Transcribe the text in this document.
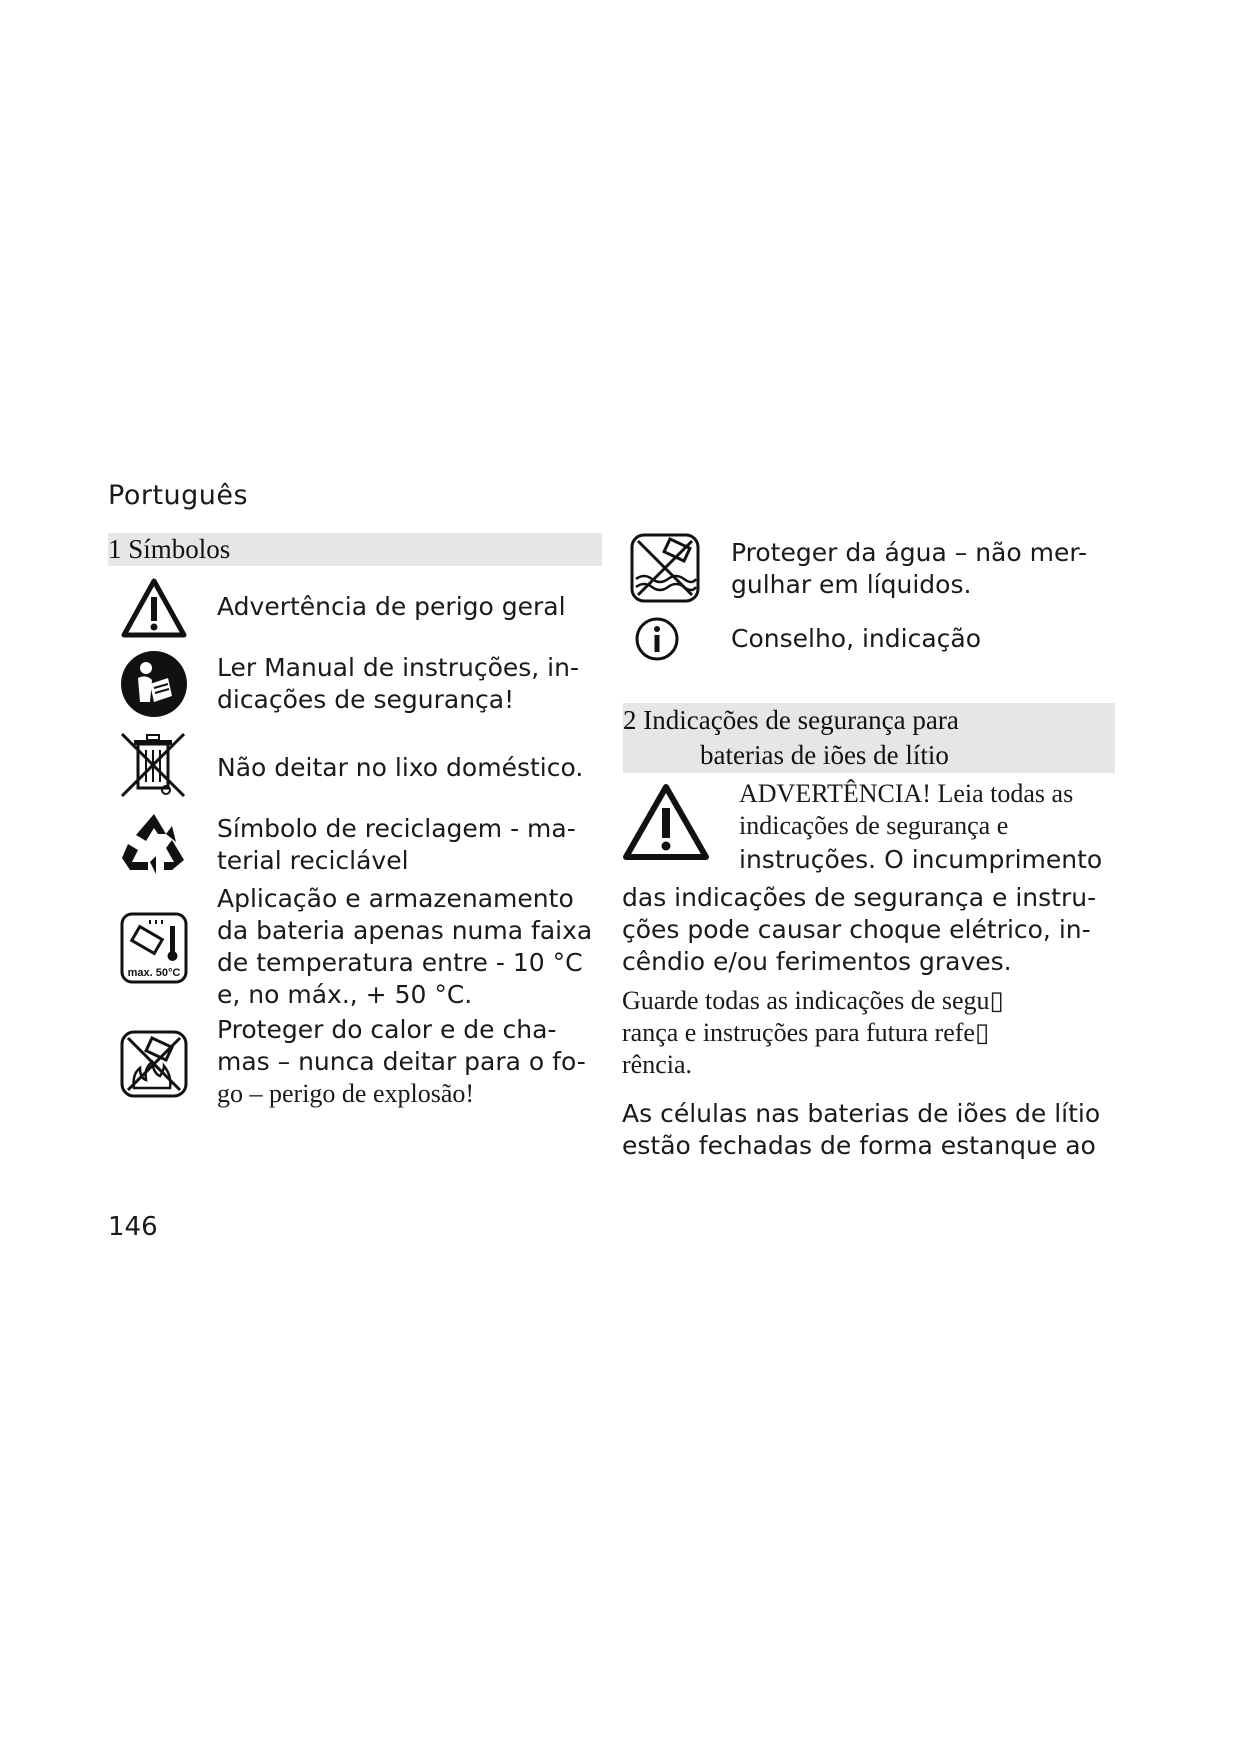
Português
1 Símbolos
Advertência de perigo geral
Ler Manual de instruções, in-
dicações de segurança!
Não deitar no lixo doméstico.
Símbolo de reciclagem - ma-
terial reciclável
max. 50°C
Aplicação e armazenamento
da bateria apenas numa faixa
de temperatura entre - 10 °C
e, no máx., + 50 °C.
Proteger do calor e de cha-
mas – nunca deitar para o fo-
go – perigo de explosão!
Proteger da água – não mer-
gulhar em líquidos.
Conselho, indicação
2 Indicações de segurança para
baterias de iões de lítio
ADVERTÊNCIA! Leia todas as
indicações de segurança e
instruções. O incumprimento
das indicações de segurança e instru-
ções pode causar choque elétrico, in-
cêndio e/ou ferimentos graves.
Guarde todas as indicações de segu▯
rança e instruções para futura refe▯
rência.
As células nas baterias de iões de lítio
estão fechadas de forma estanque ao
146
